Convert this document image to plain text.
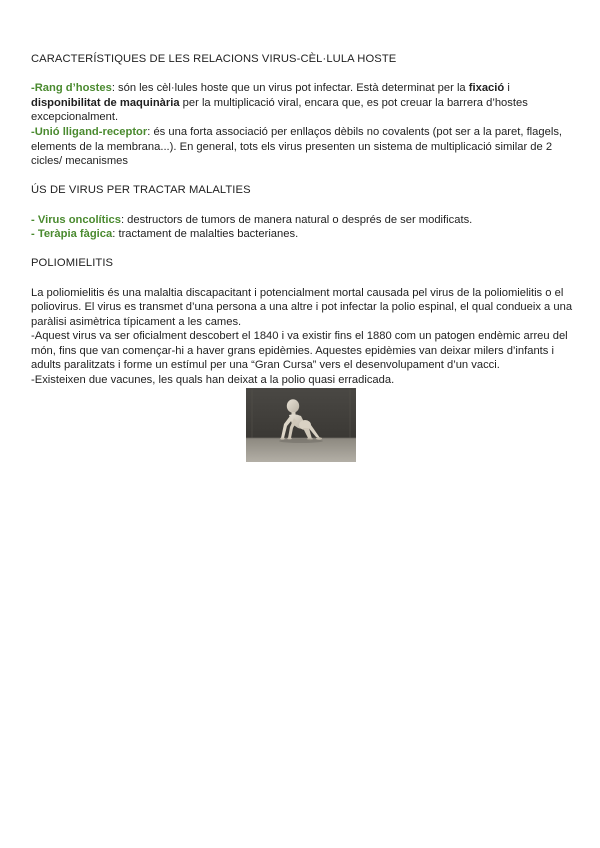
CARACTERÍSTIQUES DE LES RELACIONS VIRUS-CÈL·LULA HOSTE

-Rang d’hostes: són les cèl·lules hoste que un virus pot infectar. Està determinat per la fixació i disponibilitat de maquinària per la multiplicació viral, encara que, es pot creuar la barrera d’hostes excepcionalment.

-Unió lligand-receptor: és una forta associació per enllaços dèbils no covalents (pot ser a la paret, flagels, elements de la membrana...). En general, tots els virus presenten un sistema de multiplicació similar de 2 cicles/ mecanismes

ÚS DE VIRUS PER TRACTAR MALALTIES

- Virus oncolítics: destructors de tumors de manera natural o després de ser modificats.

- Teràpia fàgica: tractament de malalties bacterianes.

POLIOMIELITIS

La poliomielitis és una malaltia discapacitant i potencialment mortal causada pel virus de la poliomielitis o el poliovirus. El virus es transmet d’una persona a una altre i pot infectar la polio espinal, el qual condueix a una paràlisi asimètrica típicament a les cames.

-Aquest virus va ser oficialment descobert el 1840 i va existir fins el 1880 com un patogen endèmic arreu del món, fins que van començar-hi a haver grans epidèmies. Aquestes epidèmies van deixar milers d’infants i adults paralitzats i forme un estímul per una “Gran Cursa” vers el desenvolupament d’un vacci.

-Existeixen due vacunes, les quals han deixat a la polio quasi erradicada.
